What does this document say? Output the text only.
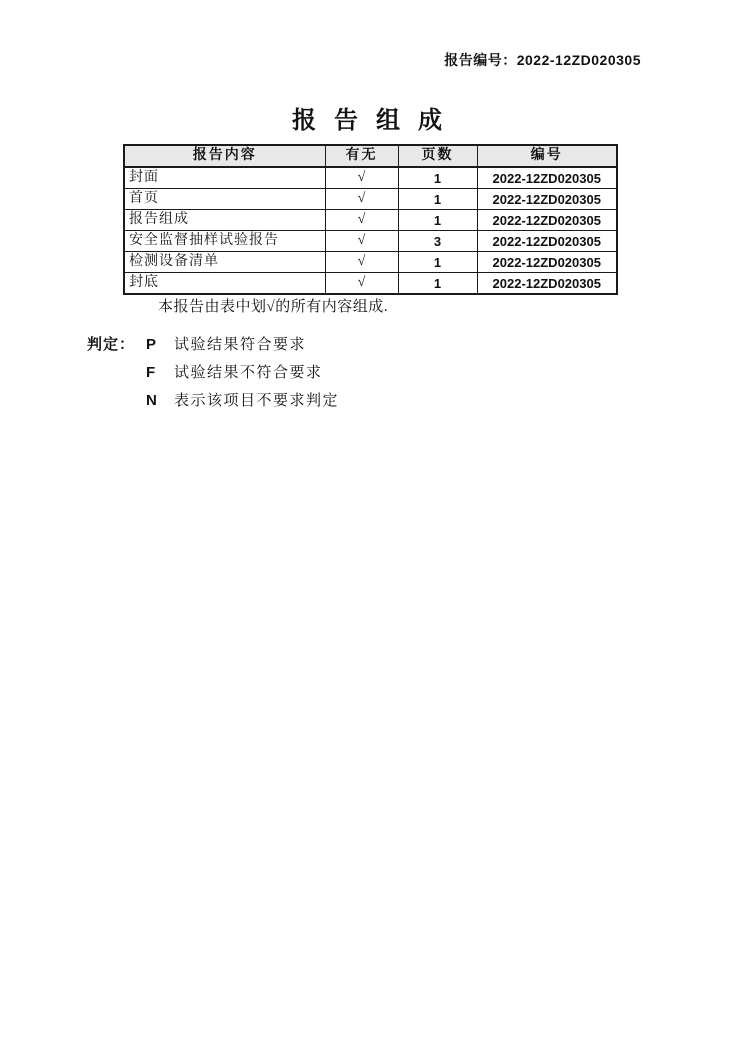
报告编号：2022-12ZD020305
报 告 组 成
报告内容	有无	页数	编号
封面	√	1	2022-12ZD020305
首页	√	1	2022-12ZD020305
报告组成	√	1	2022-12ZD020305
安全监督抽样试验报告	√	3	2022-12ZD020305
检测设备清单	√	1	2022-12ZD020305
封底	√	1	2022-12ZD020305
本报告由表中划√的所有内容组成.
判定： P	试验结果符合要求
F	试验结果不符合要求
N	表示该项目不要求判定
